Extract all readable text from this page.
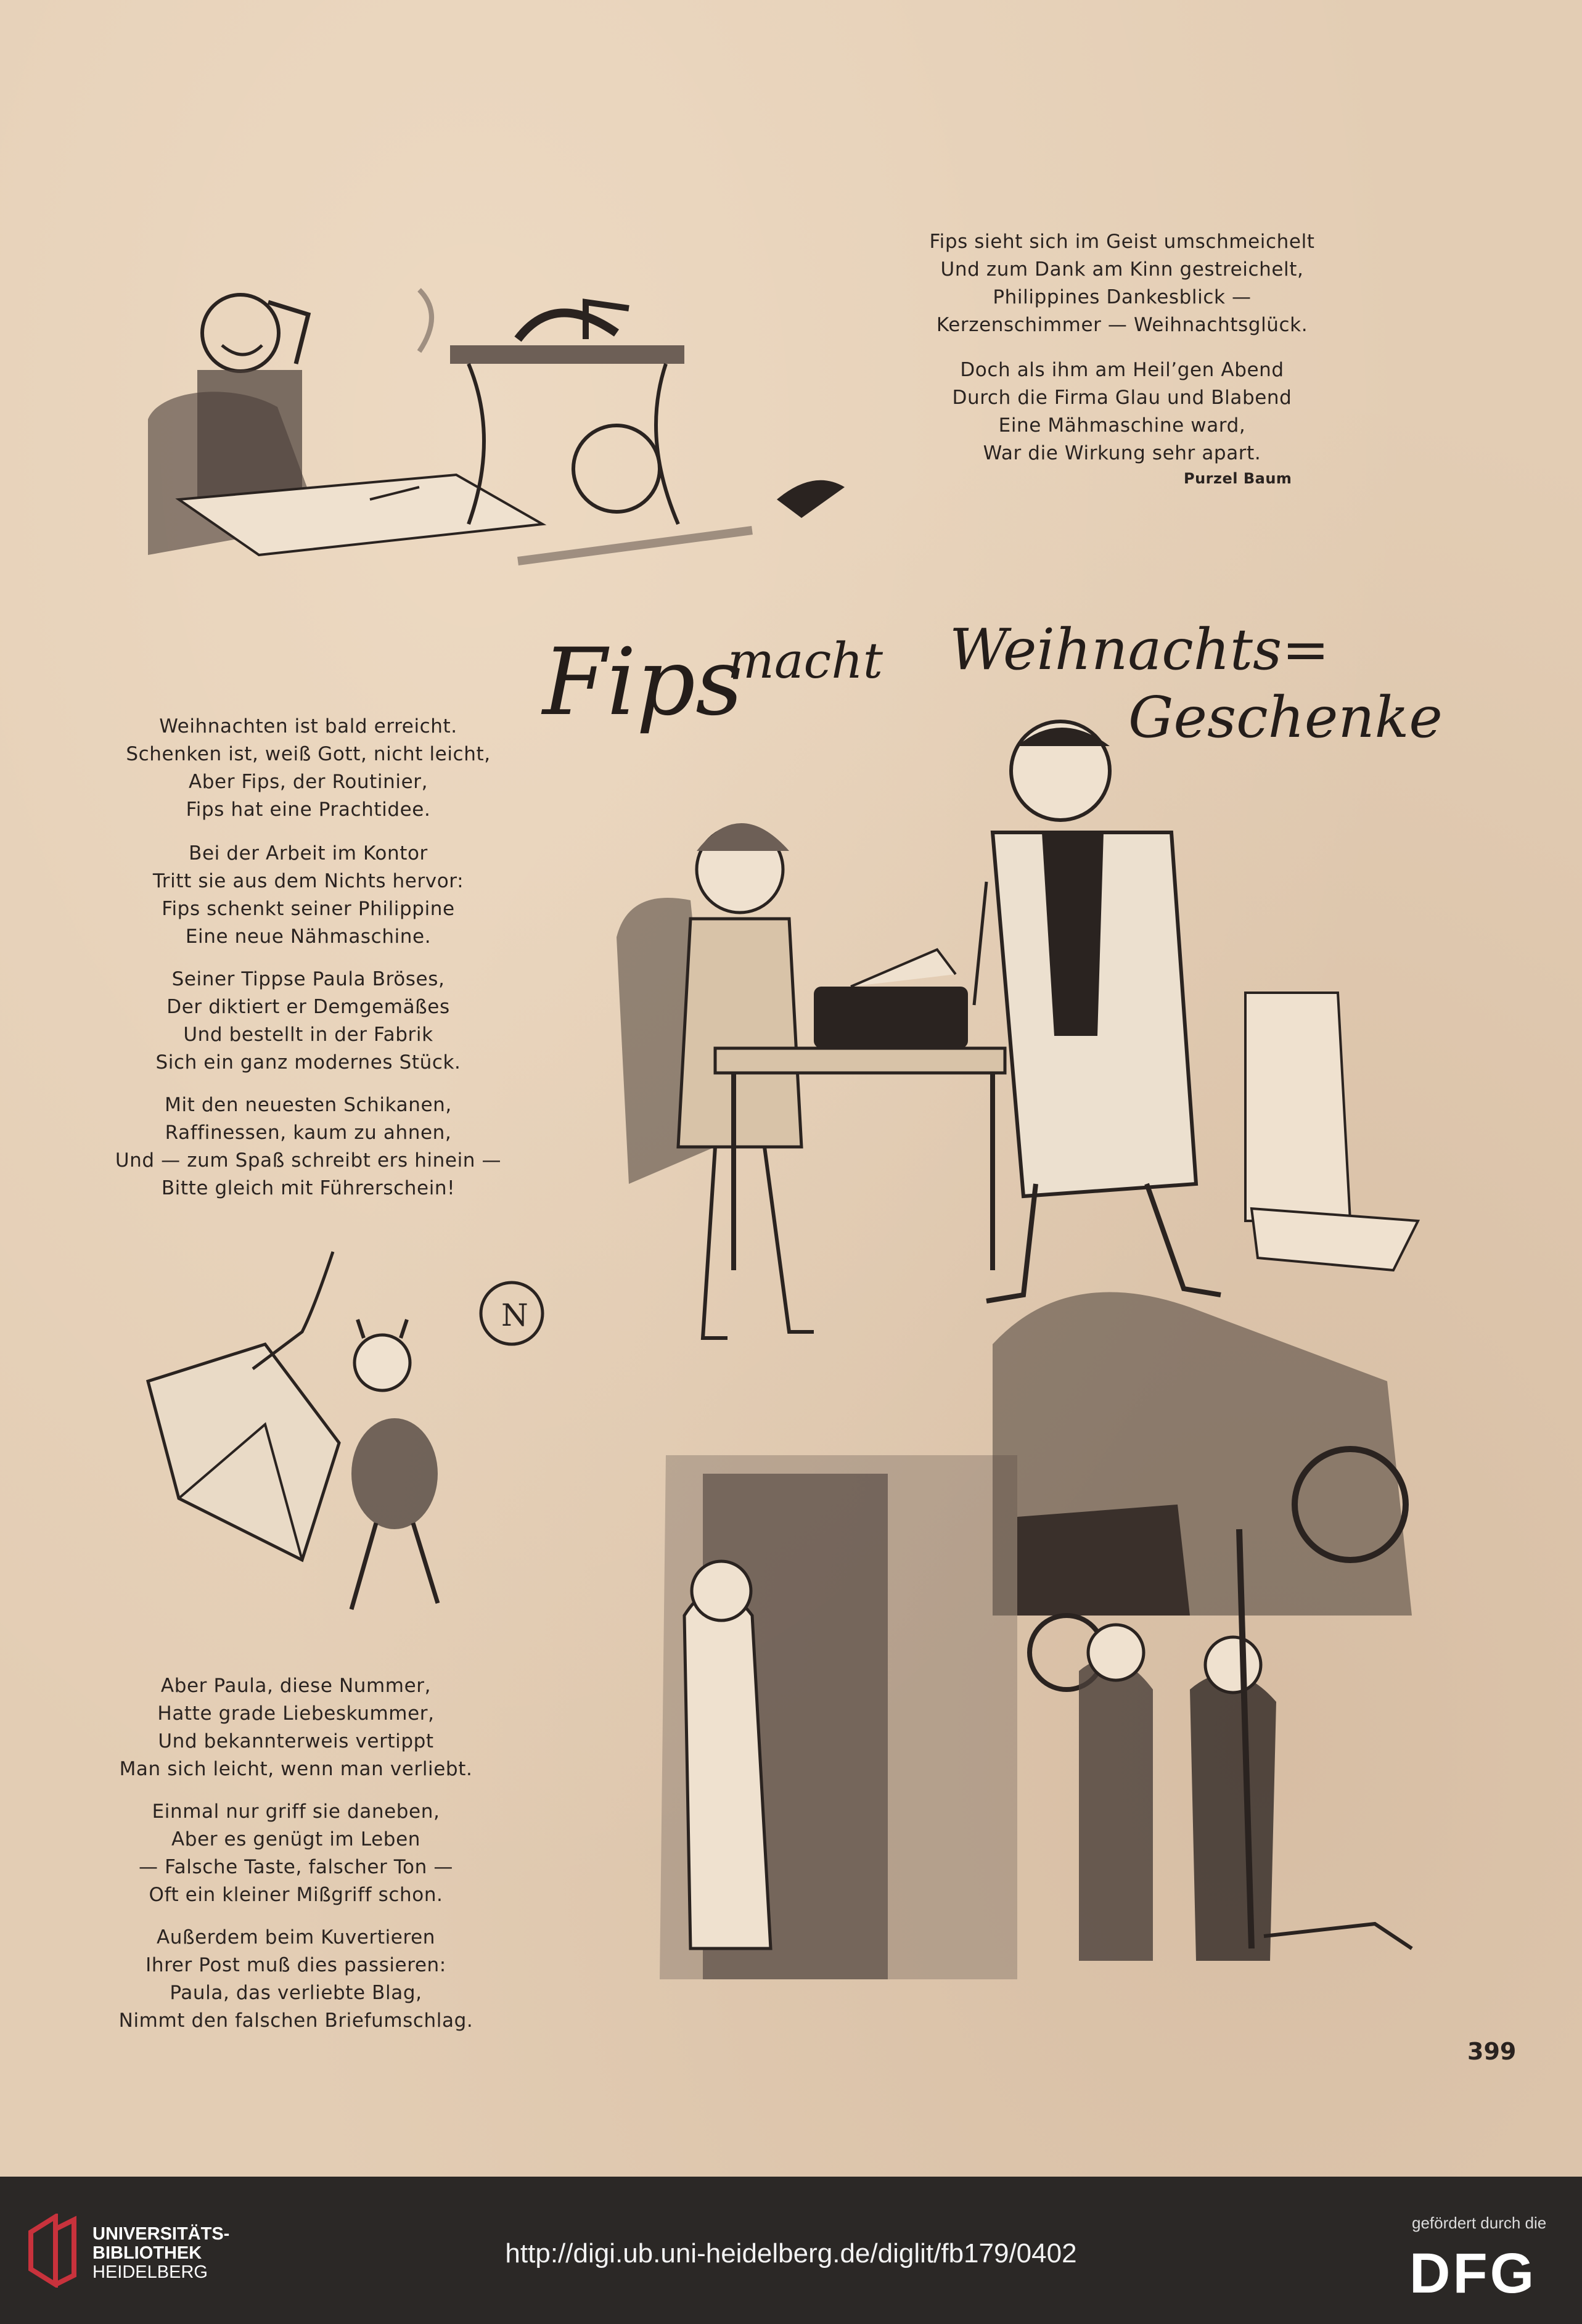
Fips sieht sich im Geist umschmeichelt

Und zum Dank am Kinn gestreichelt,

Philippines Dankesblick —

Kerzenschimmer — Weihnachtsglück.

Doch als ihm am Heil’gen Abend

Durch die Firma Glau und Blabend

Eine Mähmaschine ward,

War die Wirkung sehr apart.

Purzel Baum
Fips
macht Weihnachts=
Geschenke

Weihnachten ist bald erreicht.

Schenken ist, weiß Gott, nicht leicht,

Aber Fips, der Routinier,

Fips hat eine Prachtidee.

Bei der Arbeit im Kontor

Tritt sie aus dem Nichts hervor:

Fips schenkt seiner Philippine

Eine neue Nähmaschine.

Seiner Tippse Paula Bröses,

Der diktiert er Demgemäßes

Und bestellt in der Fabrik

Sich ein ganz modernes Stück.

Mit den neuesten Schikanen,

Raffinessen, kaum zu ahnen,

Und — zum Spaß schreibt ers hinein —

Bitte gleich mit Führerschein!

N

Aber Paula, diese Nummer,

Hatte grade Liebeskummer,

Und bekannterweis vertippt

Man sich leicht, wenn man verliebt.

Einmal nur griff sie daneben,

Aber es genügt im Leben

— Falsche Taste, falscher Ton —

Oft ein kleiner Mißgriff schon.

Außerdem beim Kuvertieren

Ihrer Post muß dies passieren:

Paula, das verliebte Blag,

Nimmt den falschen Briefumschlag.

399
UNIVERSITÄTS-
BIBLIOTHEK
HEIDELBERG
http://digi.ub.uni-heidelberg.de/diglit/fb179/0402
gefördert durch die
DFG
